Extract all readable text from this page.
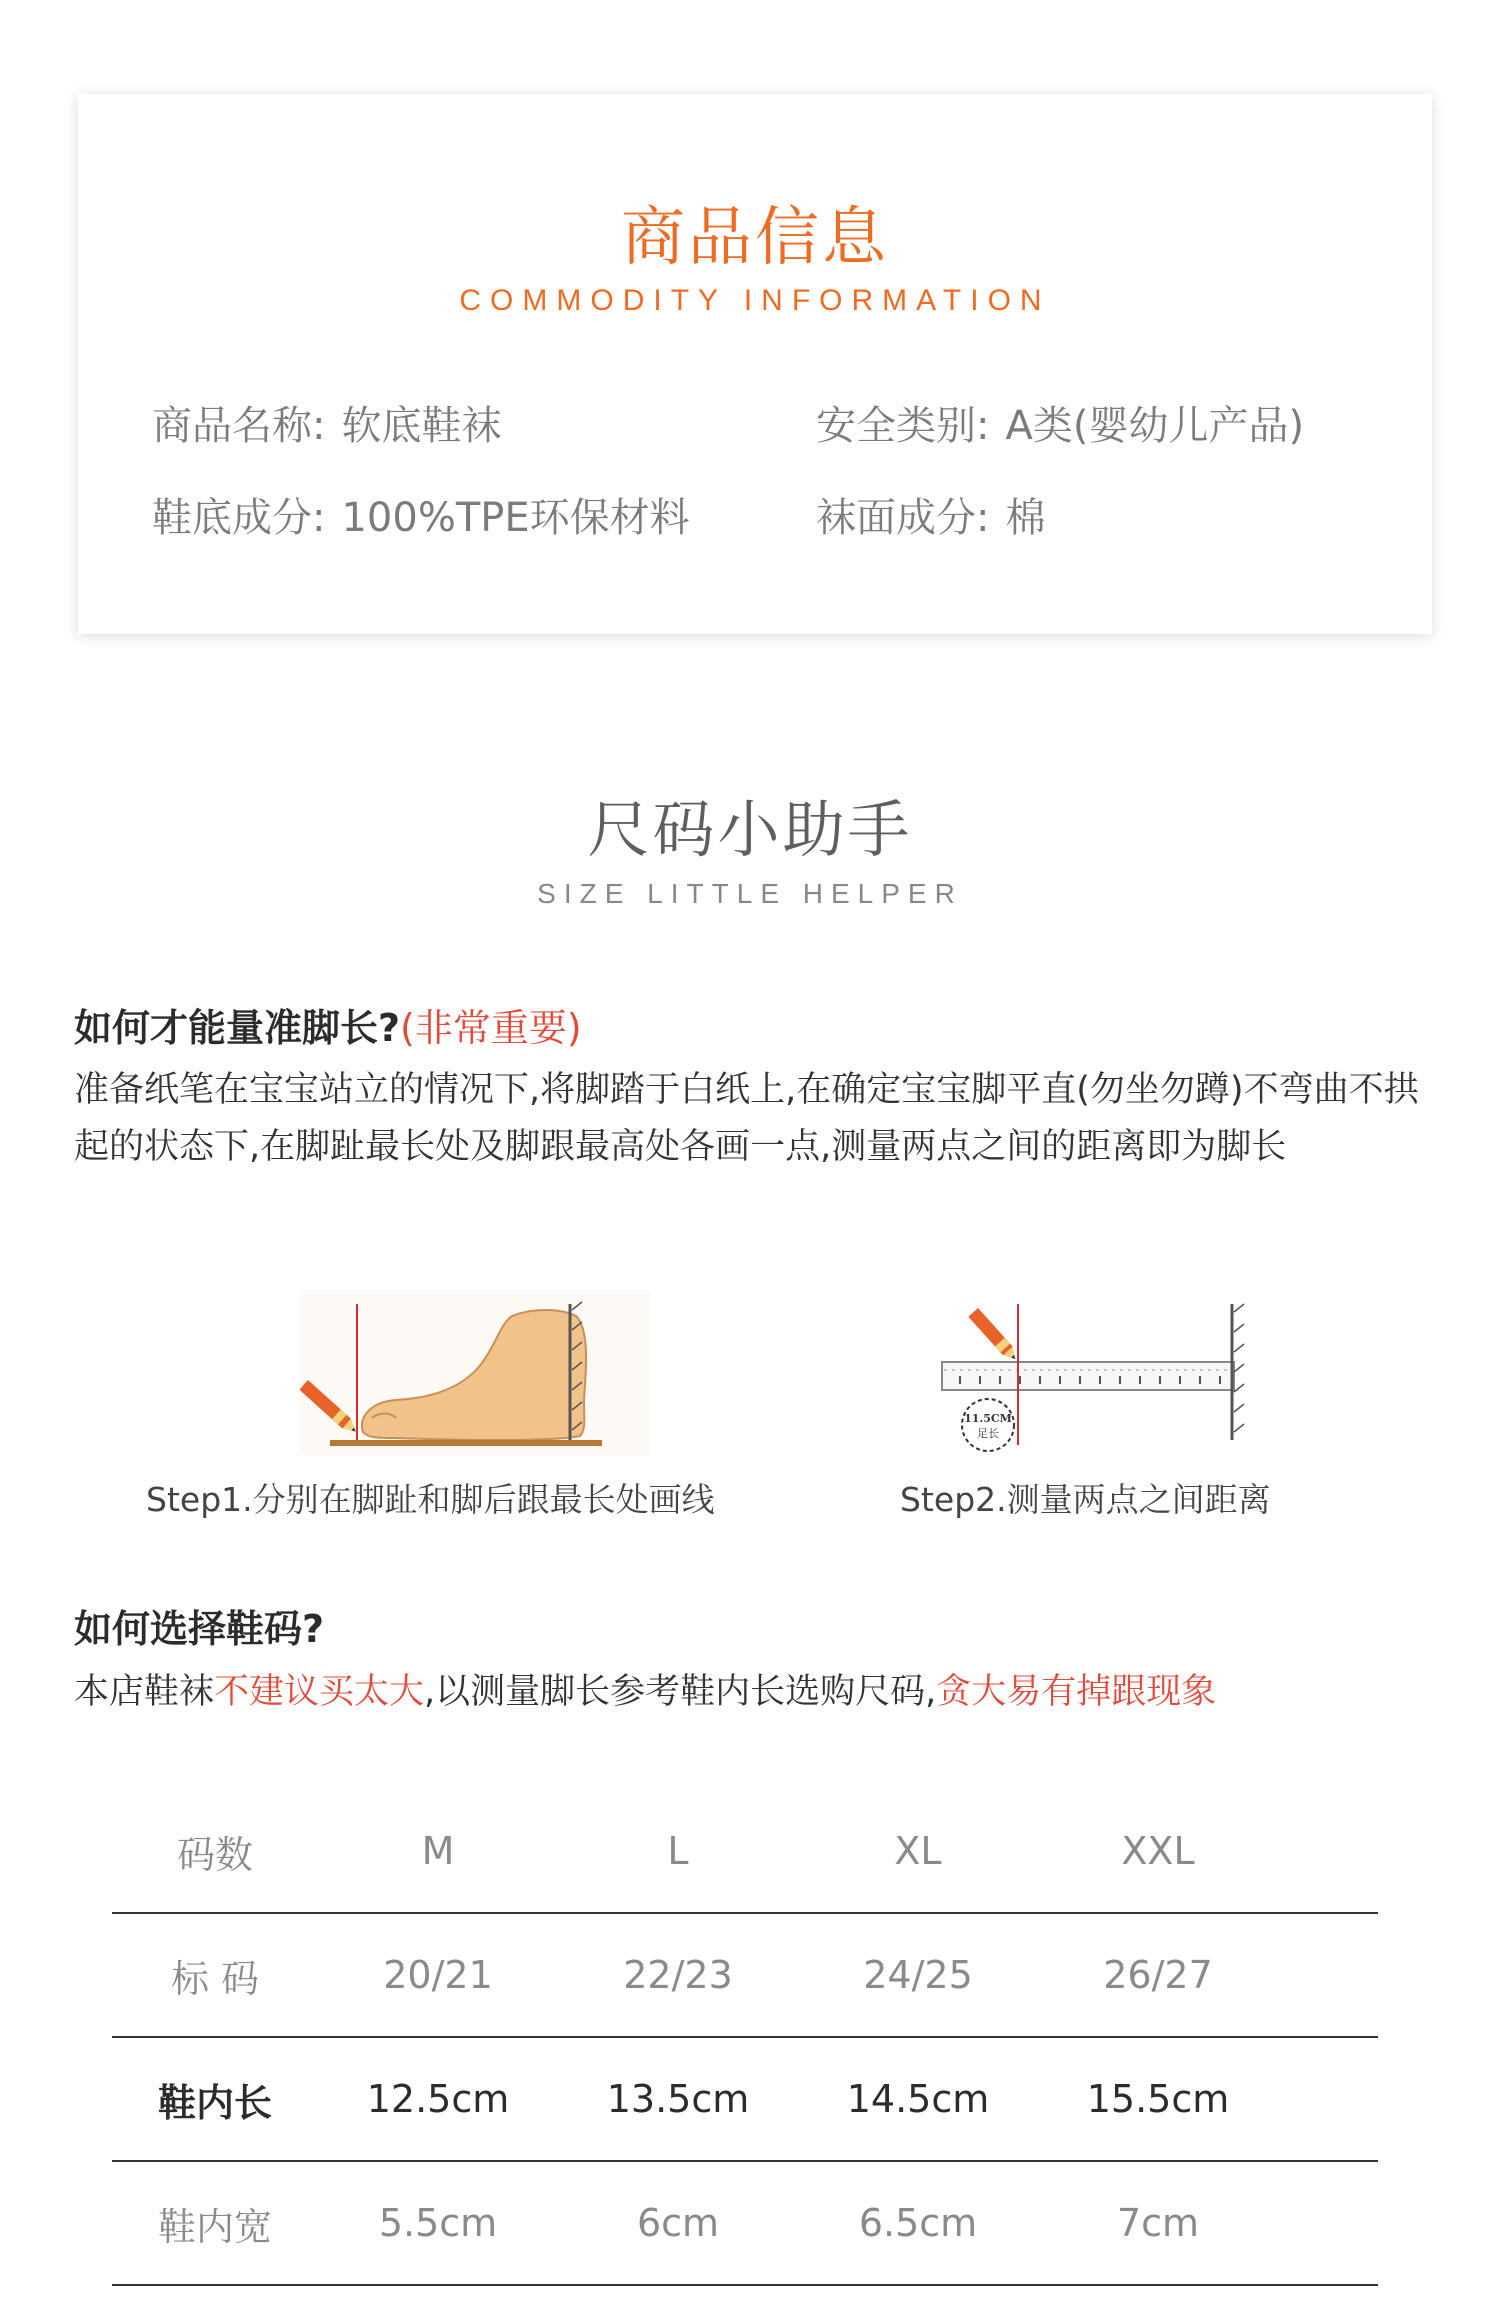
商品信息
COMMODITY INFORMATION
商品名称: 软底鞋袜	安全类别: A类(婴幼儿产品)
鞋底成分: 100%TPE环保材料	袜面成分: 棉
尺码小助手
SIZE LITTLE HELPER
如何才能量准脚长?(非常重要)
准备纸笔在宝宝站立的情况下,将脚踏于白纸上,在确定宝宝脚平直(勿坐勿蹲)不弯曲不拱起的状态下,在脚趾最长处及脚跟最高处各画一点,测量两点之间的距离即为脚长
Step1.分别在脚趾和脚后跟最长处画线
11.5CM
足长
Step2.测量两点之间距离
如何选择鞋码?
本店鞋袜不建议买太大,以测量脚长参考鞋内长选购尺码,贪大易有掉跟现象
码数	M	L	XL	XXL
标 码	20/21	22/23	24/25	26/27
鞋内长	12.5cm	13.5cm	14.5cm	15.5cm
鞋内宽	5.5cm	6cm	6.5cm	7cm
